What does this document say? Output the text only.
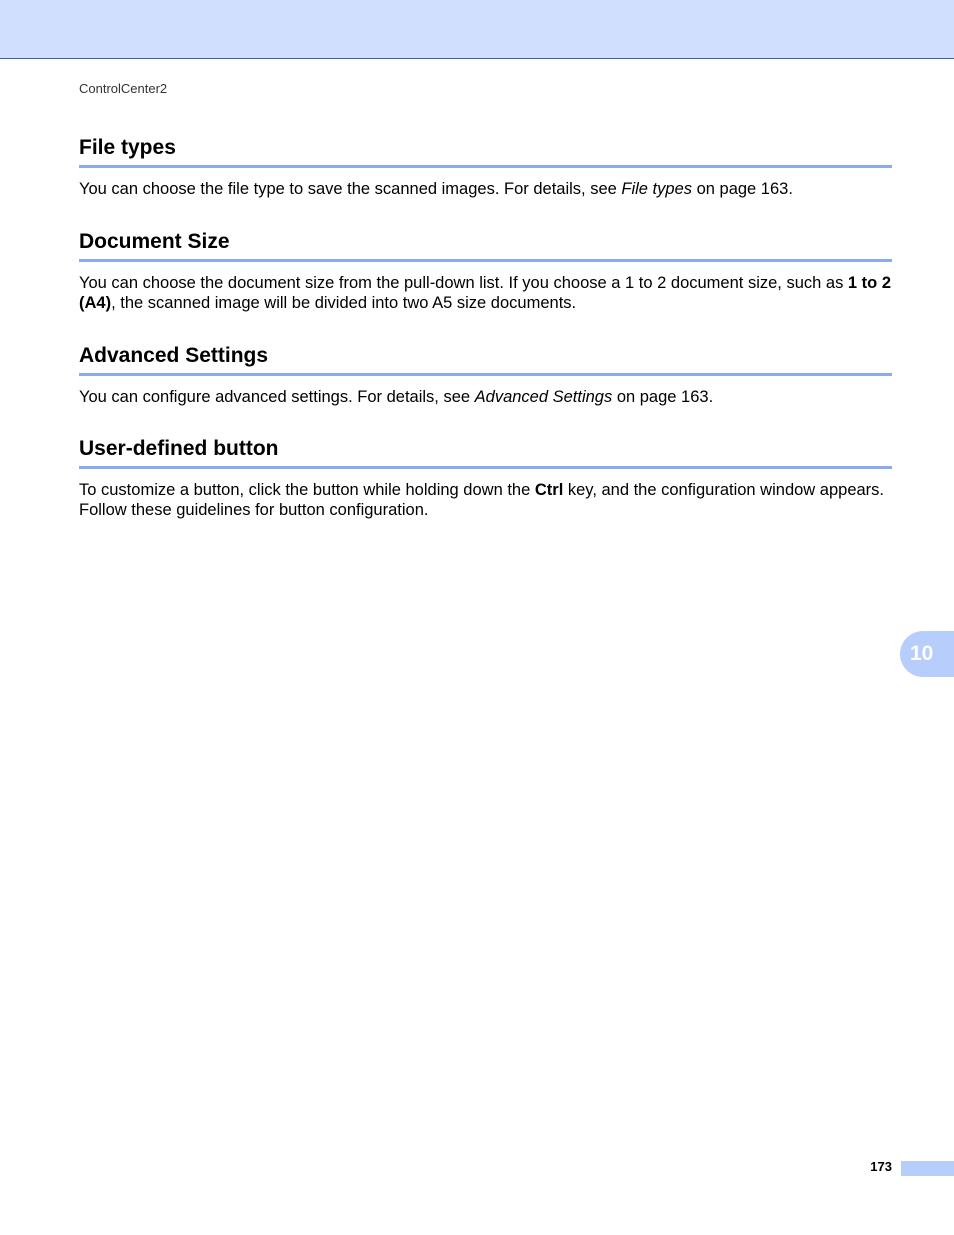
ControlCenter2
File types

You can choose the file type to save the scanned images. For details, see File types on page 163.

Document Size

You can choose the document size from the pull-down list. If you choose a 1 to 2 document size, such as 1 to 2 (A4), the scanned image will be divided into two A5 size documents.

Advanced Settings

You can configure advanced settings. For details, see Advanced Settings on page 163.

User-defined button

To customize a button, click the button while holding down the Ctrl key, and the configuration window appears. Follow these guidelines for button configuration.

10
173
